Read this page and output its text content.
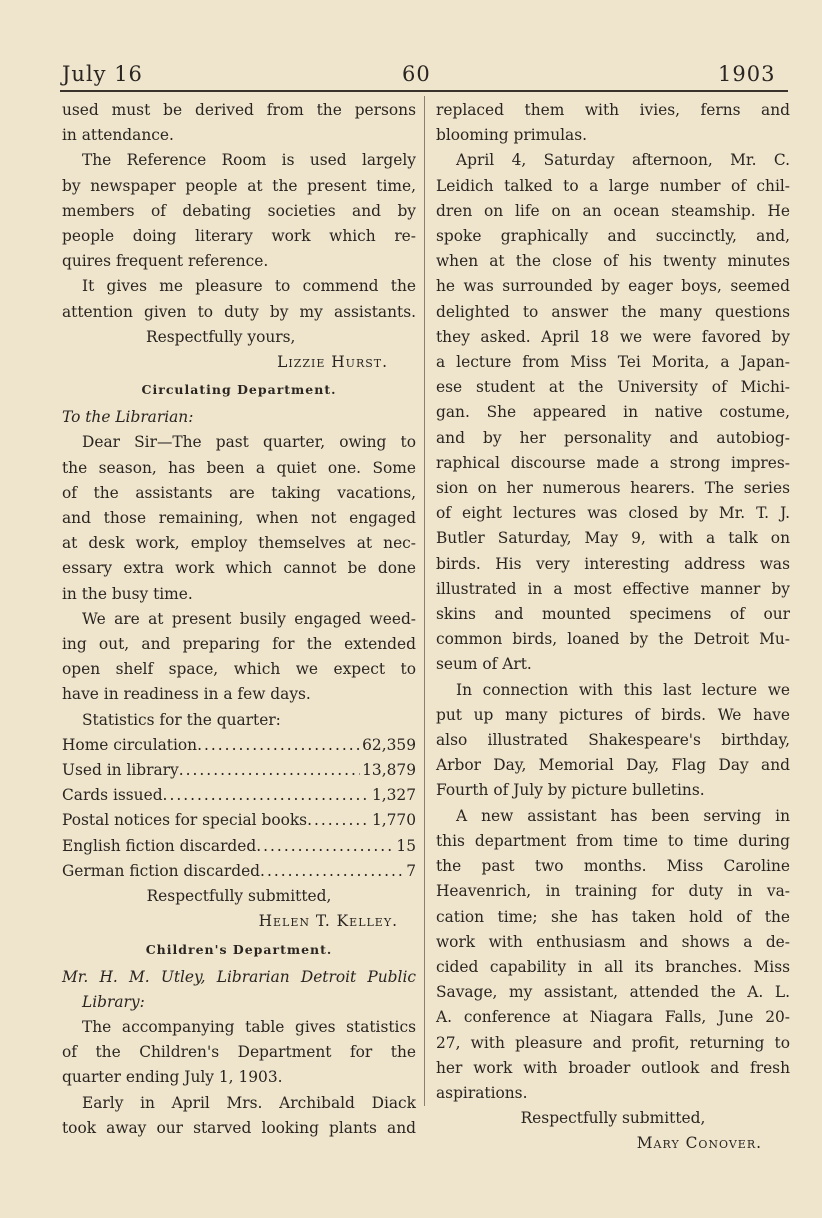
July 16	60	1903

used must be derived from the persons

in attendance.

The Reference Room is used largely

by newspaper people at the present time,

members of debating societies and by

people doing literary work which re-

quires frequent reference.

It gives me pleasure to commend the

attention given to duty by my assistants.

Respectfully yours,

Lizzie Hurst.

Circulating Department.

To the Librarian:

Dear Sir—The past quarter, owing to

the season, has been a quiet one. Some

of the assistants are taking vacations,

and those remaining, when not engaged

at desk work, employ themselves at nec-

essary extra work which cannot be done

in the busy time.

We are at present busily engaged weed-

ing out, and preparing for the extended

open shelf space, which we expect to

have in readiness in a few days.

Statistics for the quarter:

Home circulation .....	62,359
Used in library .....	13,879
Cards issued .....	1,327
Postal notices for special books .....	1,770
English fiction discarded .....	15
German fiction discarded .....	7

Respectfully submitted,

Helen T. Kelley.

Children's Department.

Mr. H. M. Utley, Librarian Detroit Public

Library:

The accompanying table gives statistics

of the Children's Department for the

quarter ending July 1, 1903.

Early in April Mrs. Archibald Diack

took away our starved looking plants and

replaced them with ivies, ferns and

blooming primulas.

April 4, Saturday afternoon, Mr. C.

Leidich talked to a large number of chil-

dren on life on an ocean steamship. He

spoke graphically and succinctly, and,

when at the close of his twenty minutes

he was surrounded by eager boys, seemed

delighted to answer the many questions

they asked. April 18 we were favored by

a lecture from Miss Tei Morita, a Japan-

ese student at the University of Michi-

gan. She appeared in native costume,

and by her personality and autobiog-

raphical discourse made a strong impres-

sion on her numerous hearers. The series

of eight lectures was closed by Mr. T. J.

Butler Saturday, May 9, with a talk on

birds. His very interesting address was

illustrated in a most effective manner by

skins and mounted specimens of our

common birds, loaned by the Detroit Mu-

seum of Art.

In connection with this last lecture we

put up many pictures of birds. We have

also illustrated Shakespeare's birthday,

Arbor Day, Memorial Day, Flag Day and

Fourth of July by picture bulletins.

A new assistant has been serving in

this department from time to time during

the past two months. Miss Caroline

Heavenrich, in training for duty in va-

cation time; she has taken hold of the

work with enthusiasm and shows a de-

cided capability in all its branches. Miss

Savage, my assistant, attended the A. L.

A. conference at Niagara Falls, June 20-

27, with pleasure and profit, returning to

her work with broader outlook and fresh

aspirations.

Respectfully submitted,

Mary Conover.
